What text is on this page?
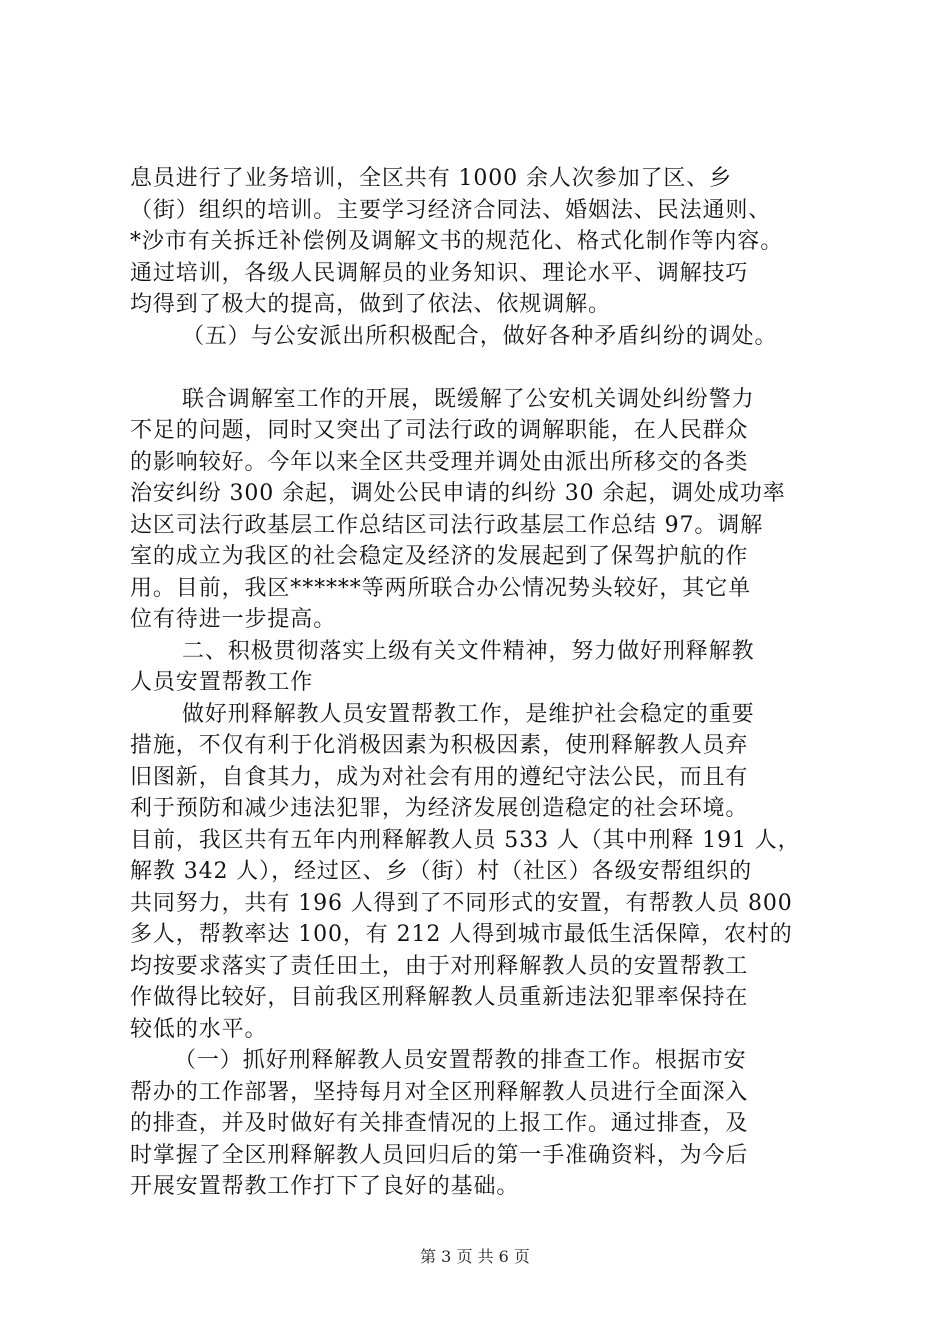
息员进行了业务培训，全区共有 1000 余人次参加了区、乡
（街）组织的培训。主要学习经济合同法、婚姻法、民法通则、
*沙市有关拆迁补偿例及调解文书的规范化、格式化制作等内容。
通过培训，各级人民调解员的业务知识、理论水平、调解技巧
均得到了极大的提高，做到了依法、依规调解。
（五）与公安派出所积极配合，做好各种矛盾纠纷的调处。
联合调解室工作的开展，既缓解了公安机关调处纠纷警力
不足的问题，同时又突出了司法行政的调解职能，在人民群众
的影响较好。今年以来全区共受理并调处由派出所移交的各类
治安纠纷 300 余起，调处公民申请的纠纷 30 余起，调处成功率
达区司法行政基层工作总结区司法行政基层工作总结 97。调解
室的成立为我区的社会稳定及经济的发展起到了保驾护航的作
用。目前，我区******等两所联合办公情况势头较好，其它单
位有待进一步提高。
二、积极贯彻落实上级有关文件精神，努力做好刑释解教
人员安置帮教工作
做好刑释解教人员安置帮教工作，是维护社会稳定的重要
措施，不仅有利于化消极因素为积极因素，使刑释解教人员弃
旧图新，自食其力，成为对社会有用的遵纪守法公民，而且有
利于预防和减少违法犯罪，为经济发展创造稳定的社会环境。
目前，我区共有五年内刑释解教人员 533 人（其中刑释 191 人，
解教 342 人），经过区、乡（街）村（社区）各级安帮组织的
共同努力，共有 196 人得到了不同形式的安置，有帮教人员 800
多人，帮教率达 100，有 212 人得到城市最低生活保障，农村的
均按要求落实了责任田土，由于对刑释解教人员的安置帮教工
作做得比较好，目前我区刑释解教人员重新违法犯罪率保持在
较低的水平。
（一）抓好刑释解教人员安置帮教的排查工作。根据市安
帮办的工作部署，坚持每月对全区刑释解教人员进行全面深入
的排查，并及时做好有关排查情况的上报工作。通过排查，及
时掌握了全区刑释解教人员回归后的第一手准确资料，为今后
开展安置帮教工作打下了良好的基础。
第 3 页 共 6 页
